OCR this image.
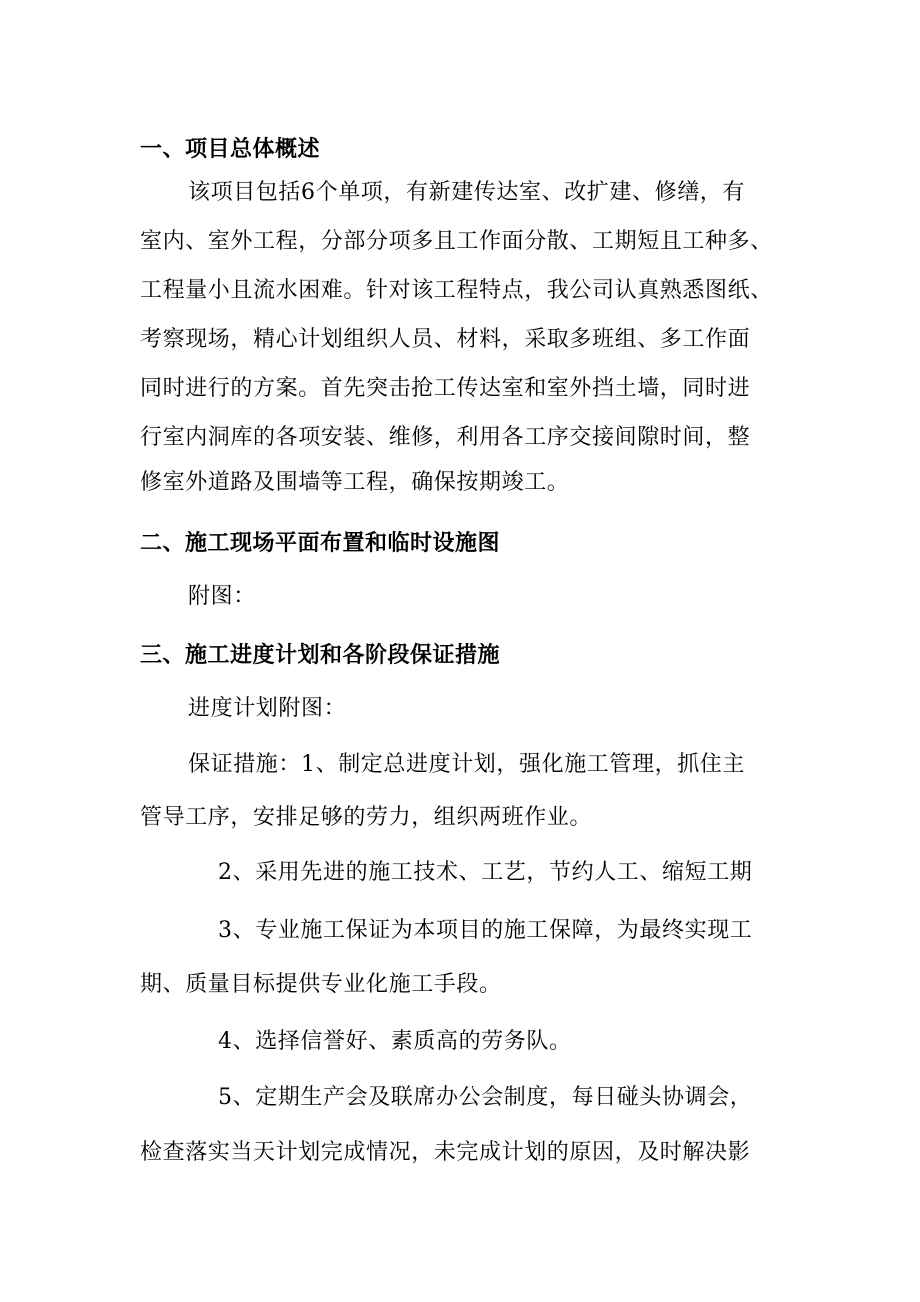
一、项目总体概述
该项目包括6个单项，有新建传达室、改扩建、修缮，有
室内、室外工程，分部分项多且工作面分散、工期短且工种多、
工程量小且流水困难。针对该工程特点，我公司认真熟悉图纸、
考察现场，精心计划组织人员、材料，采取多班组、多工作面
同时进行的方案。首先突击抢工传达室和室外挡土墙，同时进
行室内洞库的各项安装、维修，利用各工序交接间隙时间，整
修室外道路及围墙等工程，确保按期竣工。
二、施工现场平面布置和临时设施图
附图：
三、施工进度计划和各阶段保证措施
进度计划附图：
保证措施：1、制定总进度计划，强化施工管理，抓住主
管导工序，安排足够的劳力，组织两班作业。
2、采用先进的施工技术、工艺，节约人工、缩短工期
3、专业施工保证为本项目的施工保障，为最终实现工
期、质量目标提供专业化施工手段。
4、选择信誉好、素质高的劳务队。
5、定期生产会及联席办公会制度，每日碰头协调会，
检查落实当天计划完成情况，未完成计划的原因，及时解决影
